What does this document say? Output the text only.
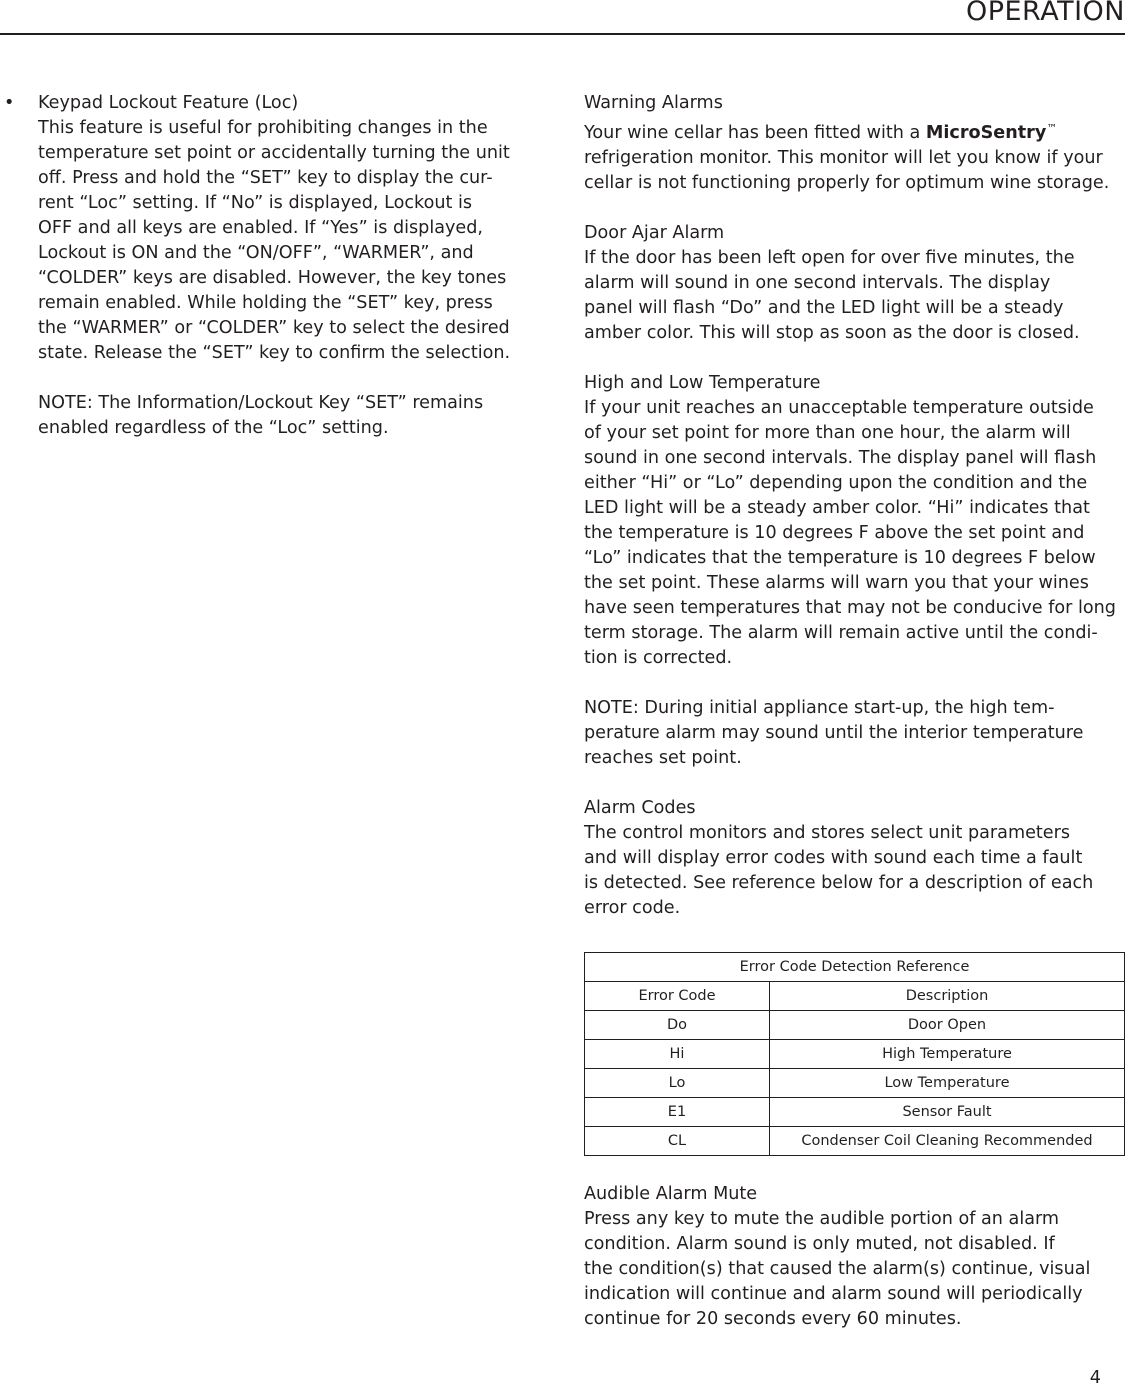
OPERATION
• Keypad Lockout Feature (Loc)
This feature is useful for prohibiting changes in the
temperature set point or accidentally turning the unit
off. Press and hold the “SET” key to display the cur-
rent “Loc” setting. If “No” is displayed, Lockout is
OFF and all keys are enabled. If “Yes” is displayed,
Lockout is ON and the “ON/OFF”, “WARMER”, and
“COLDER” keys are disabled. However, the key tones
remain enabled. While holding the “SET” key, press
the “WARMER” or “COLDER” key to select the desired
state. Release the “SET” key to confirm the selection.

NOTE: The Information/Lockout Key “SET” remains
enabled regardless of the “Loc” setting.

Warning Alarms
Your wine cellar has been fitted with a MicroSentry™
refrigeration monitor. This monitor will let you know if your
cellar is not functioning properly for optimum wine storage.

Door Ajar Alarm
If the door has been left open for over five minutes, the
alarm will sound in one second intervals. The display
panel will flash “Do” and the LED light will be a steady
amber color. This will stop as soon as the door is closed.

High and Low Temperature
If your unit reaches an unacceptable temperature outside
of your set point for more than one hour, the alarm will
sound in one second intervals. The display panel will flash
either “Hi” or “Lo” depending upon the condition and the
LED light will be a steady amber color. “Hi” indicates that
the temperature is 10 degrees F above the set point and
“Lo” indicates that the temperature is 10 degrees F below
the set point. These alarms will warn you that your wines
have seen temperatures that may not be conducive for long
term storage. The alarm will remain active until the condi-
tion is corrected.

NOTE: During initial appliance start-up, the high tem-
perature alarm may sound until the interior temperature
reaches set point.

Alarm Codes
The control monitors and stores select unit parameters
and will display error codes with sound each time a fault
is detected. See reference below for a description of each
error code.

Error Code Detection Reference	
Error Code	Description
Do	Door Open
Hi	High Temperature
Lo	Low Temperature
E1	Sensor Fault
CL	Condenser Coil Cleaning Recommended

Audible Alarm Mute
Press any key to mute the audible portion of an alarm
condition. Alarm sound is only muted, not disabled. If
the condition(s) that caused the alarm(s) continue, visual
indication will continue and alarm sound will periodically
continue for 20 seconds every 60 minutes.

4
